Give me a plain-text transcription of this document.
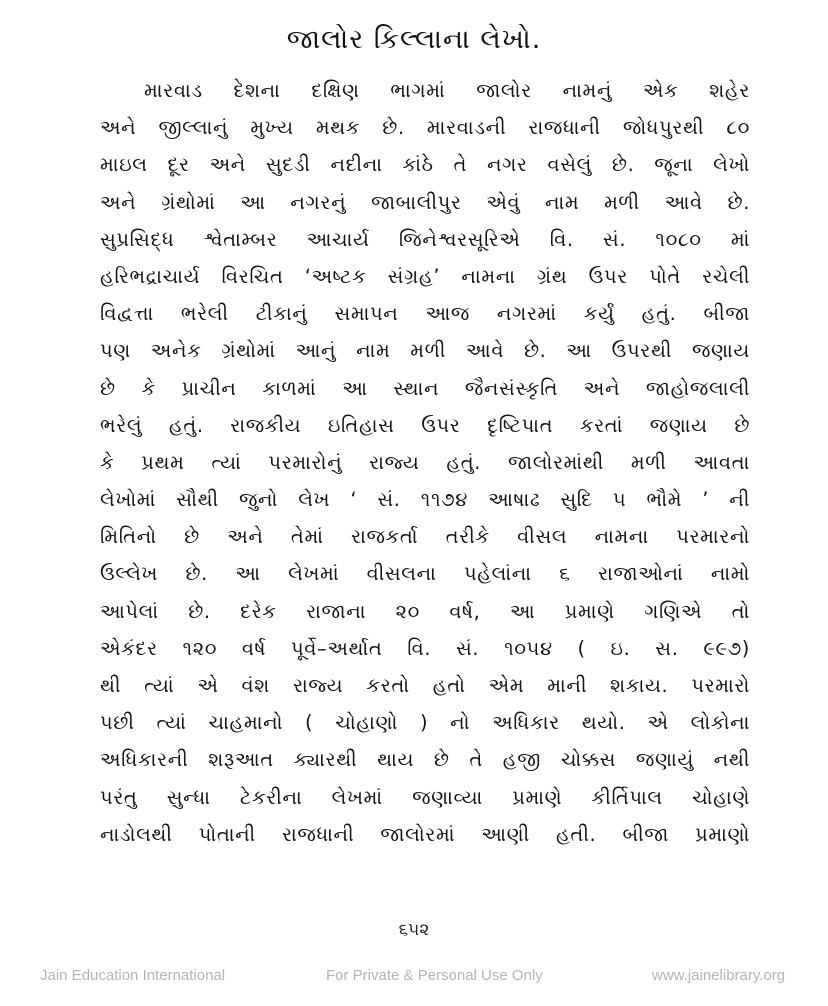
જાલોર કિલ્લાના લેખો.
મારવાડ દેશના દક્ષિણ ભાગમાં જાલોર નામનું એક શહેર
અને જીલ્લાનું મુખ્ય મથક છે. મારવાડની રાજધાની જોધપુરથી ૮૦
માઇલ દૂર અને સુદડી નદીના કાંઠે તે નગર વસેલું છે. જૂના લેખો
અને ગ્રંથોમાં આ નગરનું જાબાલીપુર એવું નામ મળી આવે છે.
સુપ્રસિદ્ધ શ્વેતામ્બર આચાર્ય જિનેશ્વરસૂરિએ વિ. સં. ૧૦૮૦ માં
હરિભદ્રાચાર્ય વિરચિત ‘અષ્ટક સંગ્રહ’ નામના ગ્રંથ ઉપર પોતે રચેલી
વિદ્વત્તા ભરેલી ટીકાનું સમાપન આજ નગરમાં કર્યું હતું. બીજા
પણ અનેક ગ્રંથોમાં આનું નામ મળી આવે છે. આ ઉપરથી જણાય
છે કે પ્રાચીન કાળમાં આ સ્થાન જૈનસંસ્કૃતિ અને જાહોજલાલી
ભરેલું હતું. રાજકીય ઇતિહાસ ઉપર દૃષ્ટિપાત કરતાં જણાય છે
કે પ્રથમ ત્યાં પરમારોનું રાજ્ય હતું. જાલોરમાંથી મળી આવતા
લેખોમાં સૌથી જુનો લેખ ‘ સં. ૧૧૭૪ આષાઢ સુદિ ૫ ભૌમે ’ ની
મિતિનો છે અને તેમાં રાજકર્તા તરીકે વીસલ નામના પરમારનો
ઉલ્લેખ છે. આ લેખમાં વીસલના પહેલાંના ૬ રાજાઓનાં નામો
આપેલાં છે. દરેક રાજાના ૨૦ વર્ષ, આ પ્રમાણે ગણિએ તો
એકંદર ૧૨૦ વર્ષ પૂર્વે–અર્થાત વિ. સં. ૧૦૫૪ ( ઇ. સ. ૯૯૭)
થી ત્યાં એ વંશ રાજ્ય કરતો હતો એમ માની શકાય. પરમારો
પછી ત્યાં ચાહમાનો ( ચોહાણો ) નો અધિકાર થયો. એ લોકોના
અધિકારની શરૂઆત ક્યારથી થાય છે તે હજી ચોક્કસ જણાયું નથી
પરંતુ સુન્ધા ટેકરીના લેખમાં જણાવ્યા પ્રમાણે કીર્તિપાલ ચોહાણે
નાડોલથી પોતાની રાજધાની જાલોરમાં આણી હતી. બીજા પ્રમાણો
૬૫૨
Jain Education International	For Private & Personal Use Only	www.jainelibrary.org
